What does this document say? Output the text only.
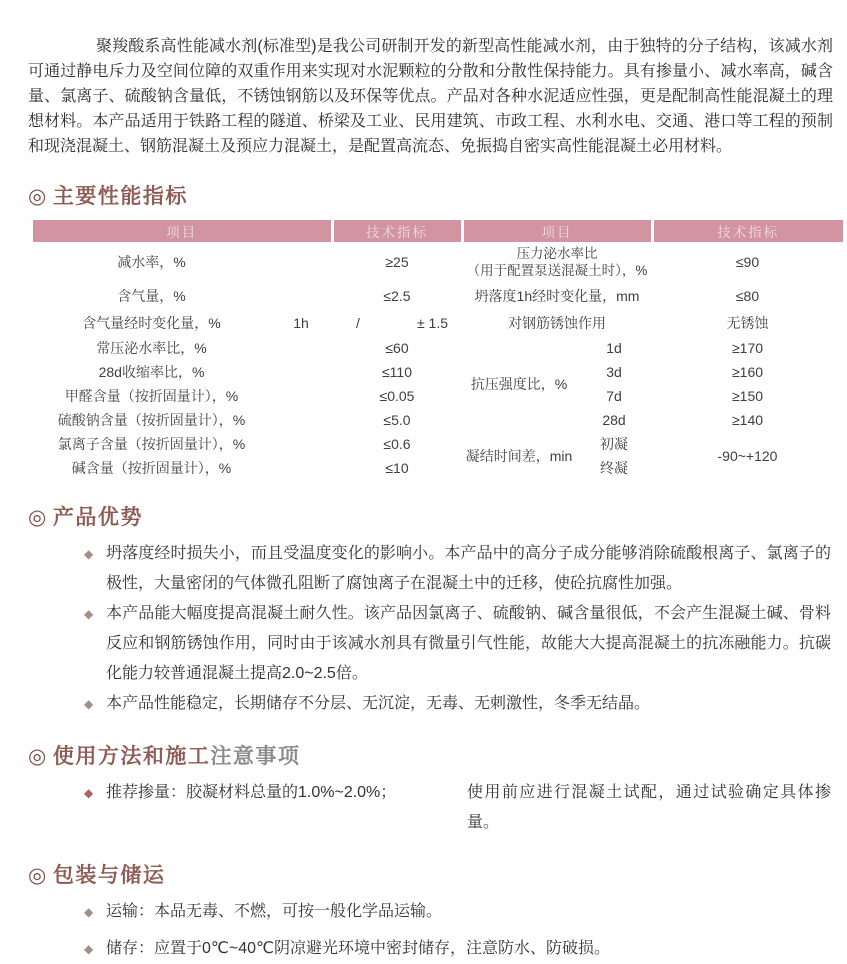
聚羧酸系高性能减水剂(标准型)是我公司研制开发的新型高性能减水剂，由于独特的分子结构，该减水剂可通过静电斥力及空间位障的双重作用来实现对水泥颗粒的分散和分散性保持能力。具有掺量小、减水率高，碱含量、氯离子、硫酸钠含量低，不锈蚀钢筋以及环保等优点。产品对各种水泥适应性强，更是配制高性能混凝土的理想材料。本产品适用于铁路工程的隧道、桥梁及工业、民用建筑、市政工程、水利水电、交通、港口等工程的预制和现浇混凝土、钢筋混凝土及预应力混凝土，是配置高流态、免振捣自密实高性能混凝土必用材料。

◎ 主要性能指标
项目		技术指标	项目		技术指标
减水率，%		≥25	压力泌水率比
（用于配置泵送混凝土时），%		≤90
含气量，%		≤2.5	坍落度1h经时变化量，mm		≤80
含气量经时变化量，%	1h	/ ± 1.5	对钢筋锈蚀作用		无锈蚀
常压泌水率比，%		≤60	抗压强度比，%	1d	≥170
28d收缩率比，%		≤110		3d	≥160
甲醛含量（按折固量计），%		≤0.05		7d	≥150
硫酸钠含量（按折固量计），%		≤5.0		28d	≥140
氯离子含量（按折固量计），%		≤0.6	凝结时间差，min	初凝	-90~+120
碱含量（按折固量计），%		≤10		终凝	
◎ 产品优势
◆ 坍落度经时损失小，而且受温度变化的影响小。本产品中的高分子成分能够消除硫酸根离子、氯离子的极性，大量密闭的气体微孔阻断了腐蚀离子在混凝土中的迁移，使砼抗腐性加强。
◆ 本产品能大幅度提高混凝土耐久性。该产品因氯离子、硫酸钠、碱含量很低，不会产生混凝土碱、骨料反应和钢筋锈蚀作用，同时由于该减水剂具有微量引气性能，故能大大提高混凝土的抗冻融能力。抗碳化能力较普通混凝土提高2.0~2.5倍。
◆ 本产品性能稳定，长期储存不分层、无沉淀，无毒、无刺激性，冬季无结晶。
◎ 使用方法和施工注意事项
◆ 推荐掺量：胶凝材料总量的1.0%~2.0%；	使用前应进行混凝土试配，通过试验确定具体掺量。
◎ 包装与储运
◆ 运输：本品无毒、不燃，可按一般化学品运输。
◆ 储存：应置于0℃~40℃阴凉避光环境中密封储存，注意防水、防破损。
